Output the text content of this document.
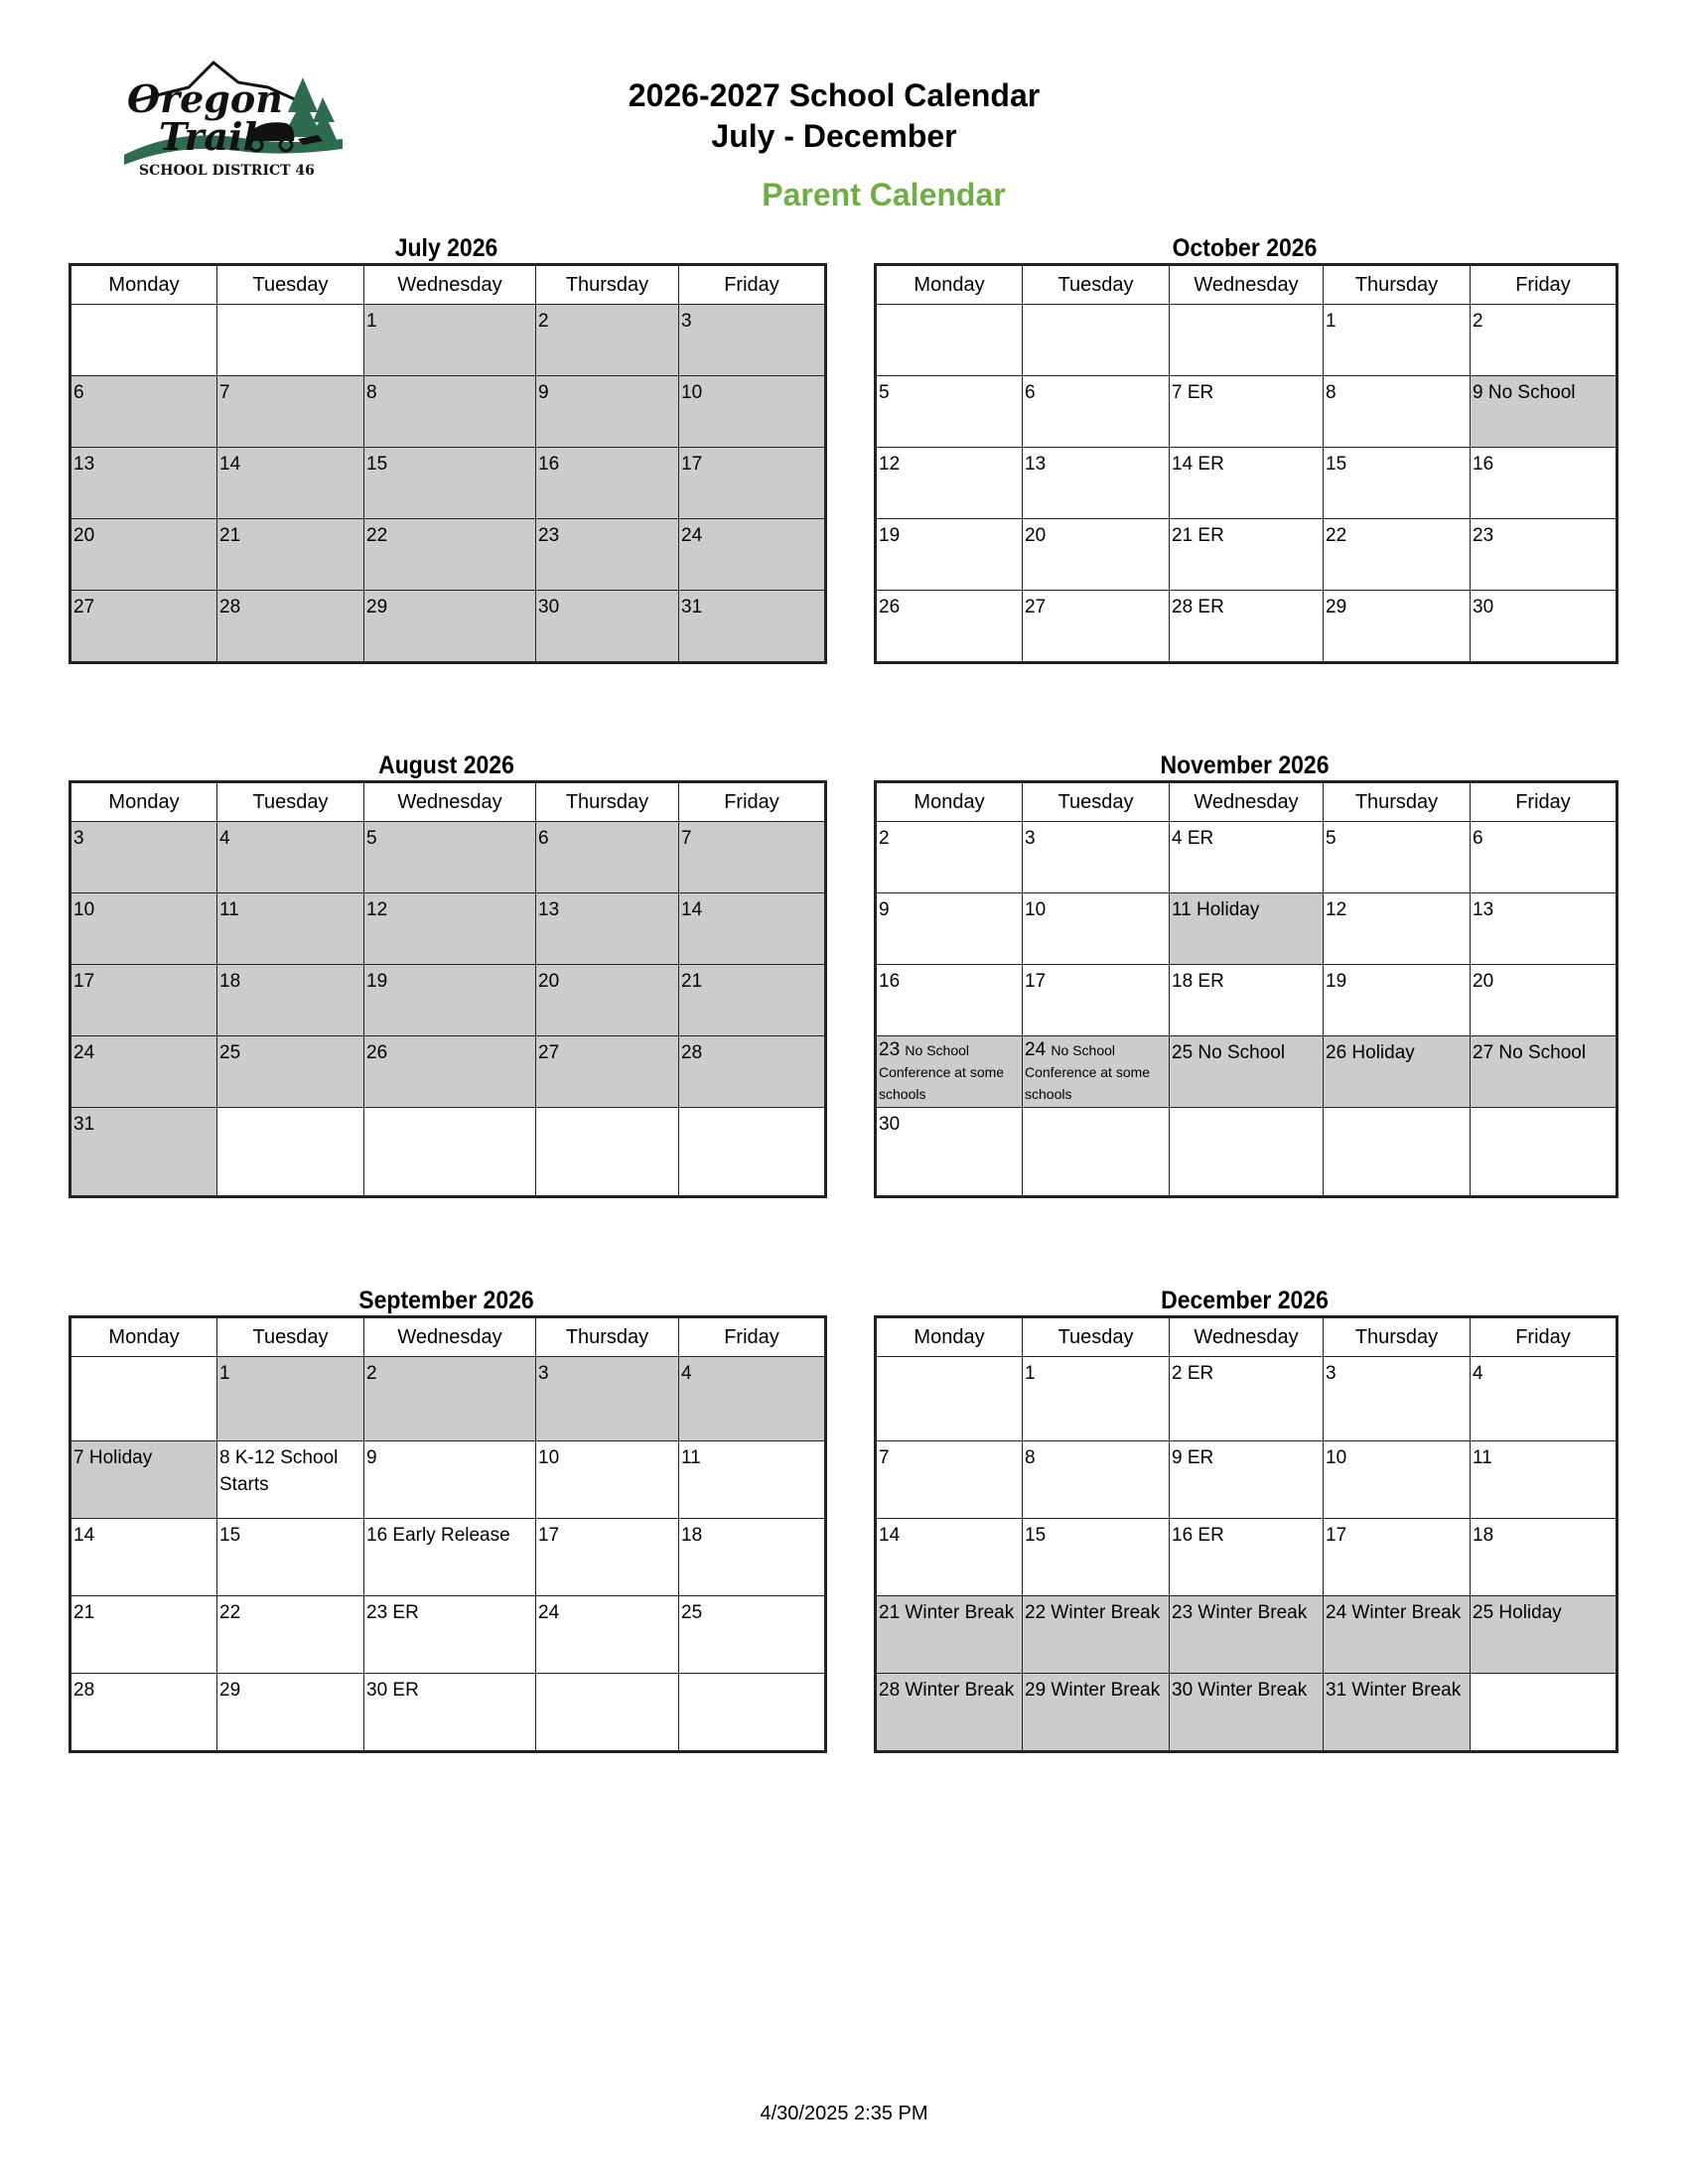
Oregon
Trail
SCHOOL DISTRICT 46
2026-2027 School Calendar
July - December
Parent Calendar
July 2026
Monday	Tuesday	Wednesday	Thursday	Friday
		1	2	3
6	7	8	9	10
13	14	15	16	17
20	21	22	23	24
27	28	29	30	31
October 2026
Monday	Tuesday	Wednesday	Thursday	Friday
			1	2
5	6	7 ER	8	9 No School
12	13	14 ER	15	16
19	20	21 ER	22	23
26	27	28 ER	29	30
August 2026
Monday	Tuesday	Wednesday	Thursday	Friday
3	4	5	6	7
10	11	12	13	14
17	18	19	20	21
24	25	26	27	28
31				
November 2026
Monday	Tuesday	Wednesday	Thursday	Friday
2	3	4 ER	5	6
9	10	11 Holiday	12	13
16	17	18 ER	19	20
23 No School Conference at some schools	24 No School Conference at some schools	25 No School	26 Holiday	27 No School
30				
September 2026
Monday	Tuesday	Wednesday	Thursday	Friday
	1	2	3	4
7 Holiday	8 K-12 School Starts	9	10	11
14	15	16 Early Release	17	18
21	22	23 ER	24	25
28	29	30 ER		
December 2026
Monday	Tuesday	Wednesday	Thursday	Friday
	1	2 ER	3	4
7	8	9 ER	10	11
14	15	16 ER	17	18
21 Winter Break	22 Winter Break	23 Winter Break	24 Winter Break	25 Holiday
28 Winter Break	29 Winter Break	30 Winter Break	31 Winter Break	
4/30/2025 2:35 PM
